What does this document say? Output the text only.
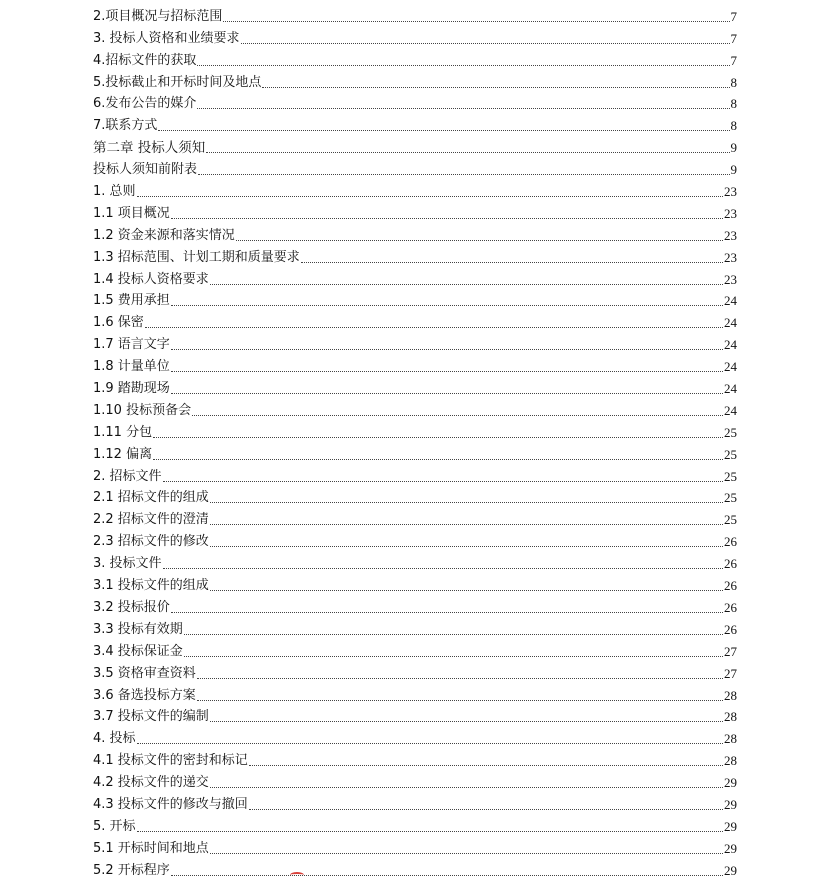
2.项目概况与招标范围	7
3. 投标人资格和业绩要求	7
4.招标文件的获取	7
5.投标截止和开标时间及地点	8
6.发布公告的媒介	8
7.联系方式	8
第二章 投标人须知	9
投标人须知前附表	9
1. 总则	23
1.1 项目概况	23
1.2 资金来源和落实情况	23
1.3 招标范围、计划工期和质量要求	23
1.4 投标人资格要求	23
1.5 费用承担	24
1.6 保密	24
1.7 语言文字	24
1.8 计量单位	24
1.9 踏勘现场	24
1.10 投标预备会	24
1.11 分包	25
1.12 偏离	25
2. 招标文件	25
2.1 招标文件的组成	25
2.2 招标文件的澄清	25
2.3 招标文件的修改	26
3. 投标文件	26
3.1 投标文件的组成	26
3.2 投标报价	26
3.3 投标有效期	26
3.4 投标保证金	27
3.5 资格审查资料	27
3.6 备选投标方案	28
3.7 投标文件的编制	28
4. 投标	28
4.1 投标文件的密封和标记	28
4.2 投标文件的递交	29
4.3 投标文件的修改与撤回	29
5. 开标	29
5.1 开标时间和地点	29
5.2 开标程序	29
